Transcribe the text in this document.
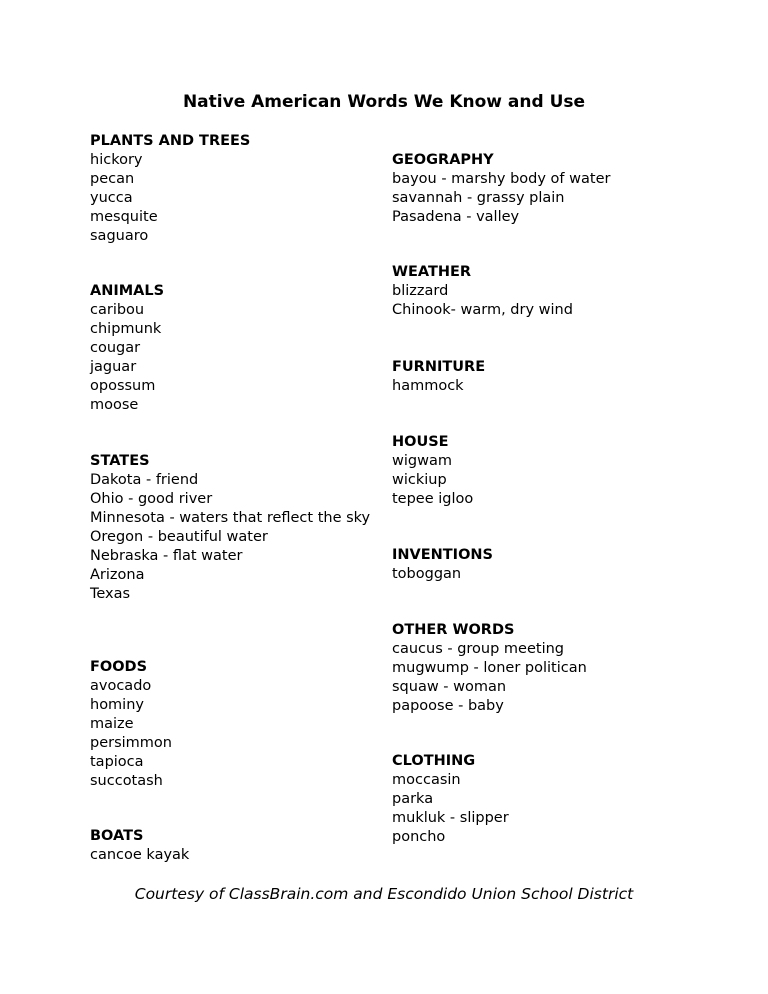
Native American Words We Know and Use

PLANTS AND TREES

hickory

pecan

yucca

mesquite

saguaro

ANIMALS

caribou

chipmunk

cougar

jaguar

opossum

moose

STATES

Dakota - friend

Ohio - good river

Minnesota - waters that reflect the sky

Oregon - beautiful water

Nebraska - flat water

Arizona

Texas

FOODS

avocado

hominy

maize

persimmon

tapioca

succotash

BOATS

cancoe kayak

GEOGRAPHY

bayou - marshy body of water

savannah - grassy plain

Pasadena - valley

WEATHER

blizzard

Chinook- warm, dry wind

FURNITURE

hammock

HOUSE

wigwam

wickiup

tepee igloo

INVENTIONS

toboggan

OTHER WORDS

caucus - group meeting

mugwump - loner politican

squaw - woman

papoose - baby

CLOTHING

moccasin

parka

mukluk - slipper

poncho

Courtesy of ClassBrain.com and Escondido Union School District
